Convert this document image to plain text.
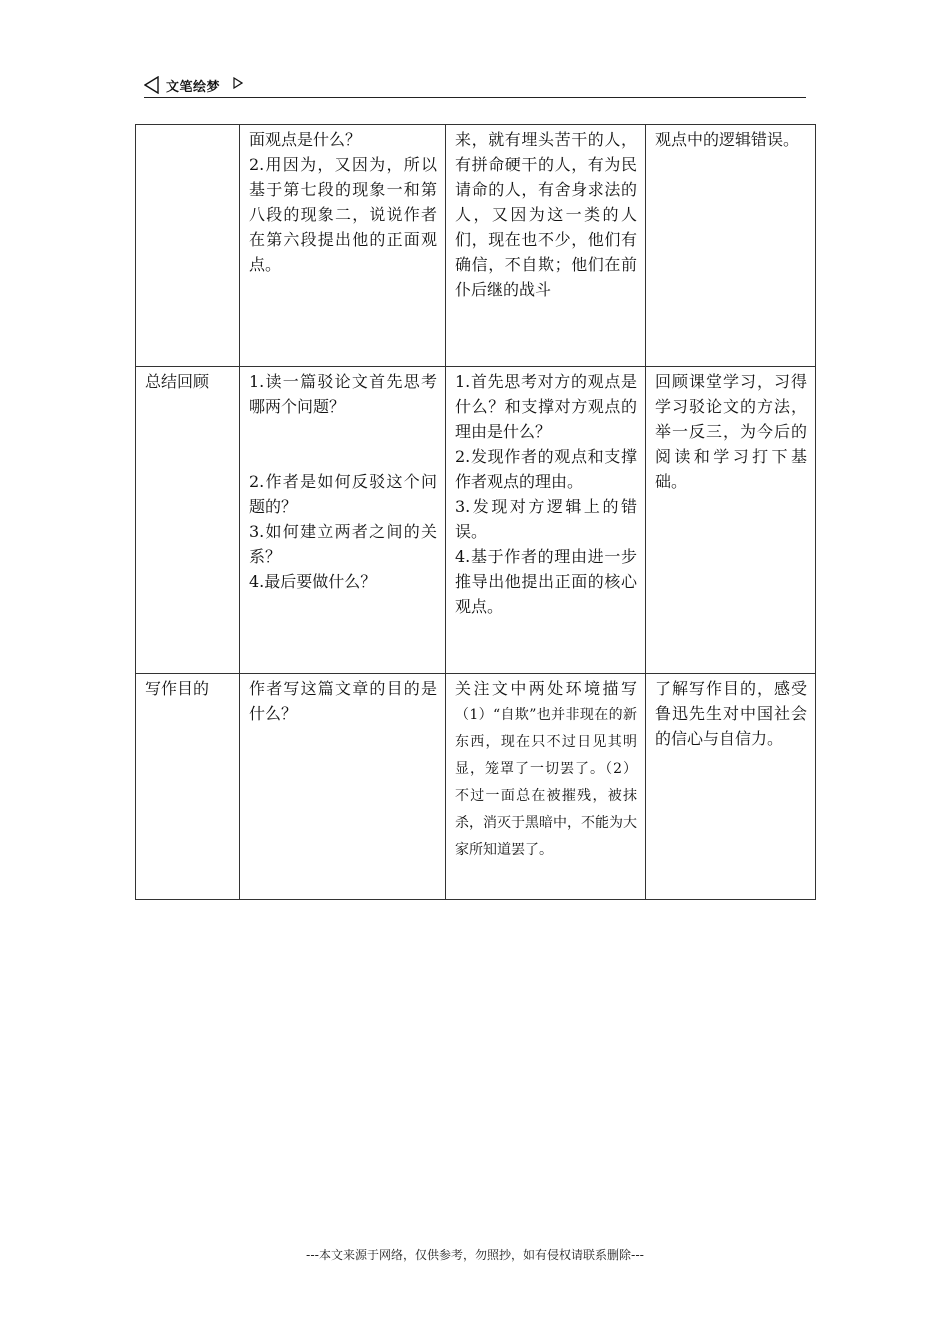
文笔绘梦

	面观点是什么？
2.用因为，又因为，所以基于第七段的现象一和第八段的现象二，说说作者在第六段提出他的正面观点。	来，就有埋头苦干的人，有拼命硬干的人，有为民请命的人，有舍身求法的人，又因为这一类的人们，现在也不少，他们有确信，不自欺；他们在前仆后继的战斗	观点中的逻辑错误。
总结回顾	1.读一篇驳论文首先思考哪两个问题？
2.作者是如何反驳这个问题的？
3.如何建立两者之间的关系？
4.最后要做什么？	1.首先思考对方的观点是什么？和支撑对方观点的理由是什么？
2.发现作者的观点和支撑作者观点的理由。
3.发现对方逻辑上的错误。
4.基于作者的理由进一步推导出他提出正面的核心观点。	回顾课堂学习，习得学习驳论文的方法，举一反三，为今后的阅读和学习打下基础。
写作目的	作者写这篇文章的目的是什么？	关注文中两处环境描写（1）“自欺”也并非现在的新东西，现在只不过日见其明显，笼罩了一切罢了。（2）不过一面总在被摧残，被抹杀，消灭于黑暗中，不能为大家所知道罢了。	了解写作目的，感受鲁迅先生对中国社会的信心与自信力。
---本文来源于网络，仅供参考，勿照抄，如有侵权请联系删除---
